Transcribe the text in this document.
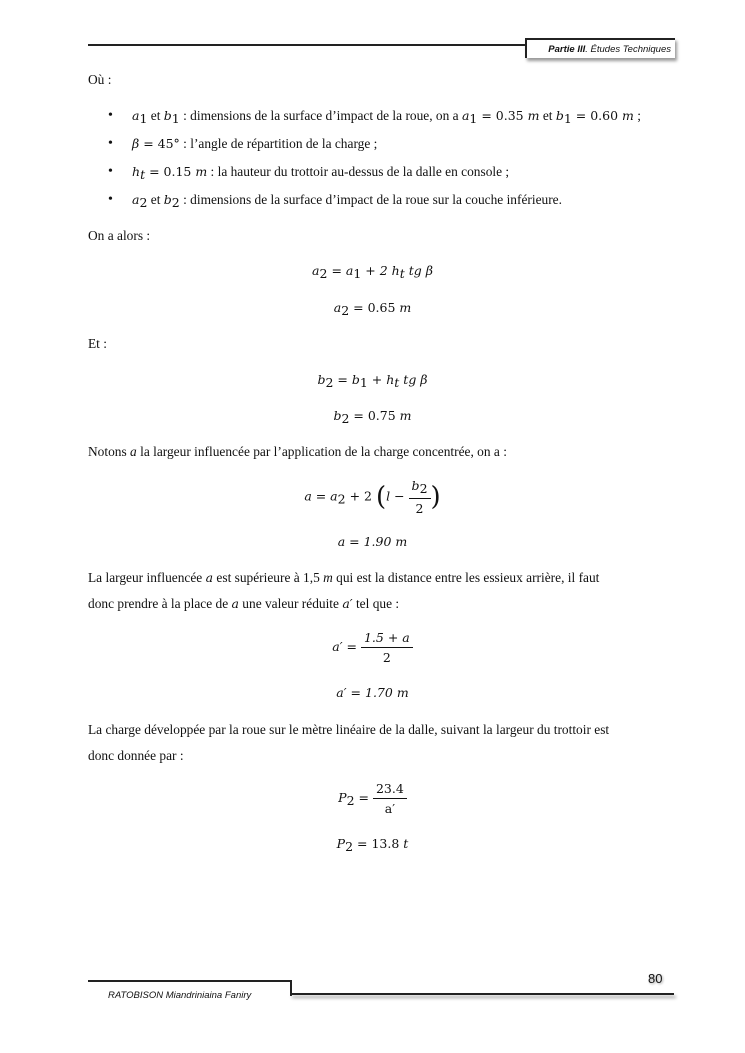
Partie III. Études Techniques
Où :
• $a_1$ et $b_1$ : dimensions de la surface d’impact de la roue, on a $a_1 = 0.35$ m et $b_1 = 0.60$ m ;
• β = 45° : l’angle de répartition de la charge ;
• $h_t = 0.15$ m : la hauteur du trottoir au-dessus de la dalle en console ;
• $a_2$ et $b_2$ : dimensions de la surface d’impact de la roue sur la couche inférieure.
On a alors :
$a_2 = a_1 + 2$ $h_t$ tg β
$a_2 = 0.65$ m
Et :
$b_2 = b_1 + h_t$ tg β
$b_2 = 0.75$ m
Notons a la largeur influencée par l’application de la charge concentrée, on a :
$a = a_2 + 2$ ($l - \frac{b_2}{2}$ )
a = 1.90 m
La largeur influencée a est supérieure à 1,5 m qui est la distance entre les essieux arrière, il faut
donc prendre à la place de a une valeur réduite a′ tel que :
$a' = \frac{1.5 + a}{2}$
a′ = 1.70 m
La charge développée par la roue sur le mètre linéaire de la dalle, suivant la largeur du trottoir est
donc donnée par :
$P_2 = \frac{23.4}{a'}$
$P_2 = 13.8$ t
80
RATOBISON Miandriniaina Faniry
